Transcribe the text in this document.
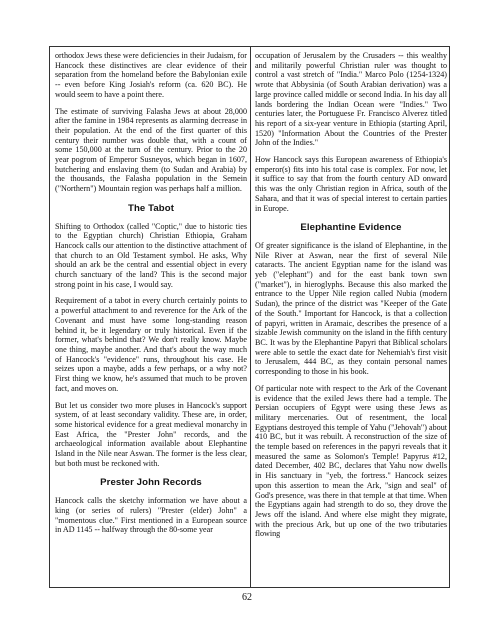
orthodox Jews these were deficiencies in their Judaism, for Hancock these distinctives are clear evidence of their separation from the homeland before the Babylonian exile -- even before King Josiah's reform (ca. 620 BC). He would seem to have a point there.

The estimate of surviving Falasha Jews at about 28,000 after the famine in 1984 represents as alarming decrease in their population. At the end of the first quarter of this century their number was double that, with a count of some 150,000 at the turn of the century. Prior to the 20 year pogrom of Emperor Susneyos, which began in 1607, butchering and enslaving them (to Sudan and Arabia) by the thousands, the Falasha population in the Semein ("Northern") Mountain region was perhaps half a million.

The Tabot

Shifting to Orthodox (called "Coptic," due to historic ties to the Egyptian church) Christian Ethiopia, Graham Hancock calls our attention to the distinctive attachment of that church to an Old Testament symbol. He asks, Why should an ark be the central and essential object in every church sanctuary of the land? This is the second major strong point in his case, I would say.

Requirement of a tabot in every church certainly points to a powerful attachment to and reverence for the Ark of the Covenant and must have some long-standing reason behind it, be it legendary or truly historical. Even if the former, what's behind that? We don't really know. Maybe one thing, maybe another. And that's about the way much of Hancock's "evidence" runs, throughout his case. He seizes upon a maybe, adds a few perhaps, or a why not? First thing we know, he's assumed that much to be proven fact, and moves on.

But let us consider two more pluses in Hancock's support system, of at least secondary validity. These are, in order, some historical evidence for a great medieval monarchy in East Africa, the "Prester John" records, and the archaeological information available about Elephantine Island in the Nile near Aswan. The former is the less clear, but both must be reckoned with.

Prester John Records

Hancock calls the sketchy information we have about a king (or series of rulers) "Prester (elder) John" a "momentous clue." First mentioned in a European source in AD 1145 -- halfway through the 80-some year

occupation of Jerusalem by the Crusaders -- this wealthy and militarily powerful Christian ruler was thought to control a vast stretch of "India." Marco Polo (1254-1324) wrote that Abbysinia (of South Arabian derivation) was a large province called middle or second India. In his day all lands bordering the Indian Ocean were "Indies." Two centuries later, the Portuguese Fr. Francisco Alverez titled his report of a six-year venture in Ethiopia (starting April, 1520) "Information About the Countries of the Prester John of the Indies."

How Hancock says this European awareness of Ethiopia's emperor(s) fits into his total case is complex. For now, let it suffice to say that from the fourth century AD onward this was the only Christian region in Africa, south of the Sahara, and that it was of special interest to certain parties in Europe.

Elephantine Evidence

Of greater significance is the island of Elephantine, in the Nile River at Aswan, near the first of several Nile cataracts. The ancient Egyptian name for the island was yeb ("elephant") and for the east bank town swn ("market"), in hieroglyphs. Because this also marked the entrance to the Upper Nile region called Nubia (modern Sudan), the prince of the district was "Keeper of the Gate of the South." Important for Hancock, is that a collection of papyri, written in Aramaic, describes the presence of a sizable Jewish community on the island in the fifth century BC. It was by the Elephantine Papyri that Biblical scholars were able to settle the exact date for Nehemiah's first visit to Jerusalem, 444 BC, as they contain personal names corresponding to those in his book.

Of particular note with respect to the Ark of the Covenant is evidence that the exiled Jews there had a temple. The Persian occupiers of Egypt were using these Jews as military mercenaries. Out of resentment, the local Egyptians destroyed this temple of Yahu ("Jehovah") about 410 BC, but it was rebuilt. A reconstruction of the size of the temple based on references in the papyri reveals that it measured the same as Solomon's Temple! Papyrus #12, dated December, 402 BC, declares that Yahu now dwells in His sanctuary in "yeb, the fortress." Hancock seizes upon this assertion to mean the Ark, "sign and seal" of God's presence, was there in that temple at that time. When the Egyptians again had strength to do so, they drove the Jews off the island. And where else might they migrate, with the precious Ark, but up one of the two tributaries flowing

62
